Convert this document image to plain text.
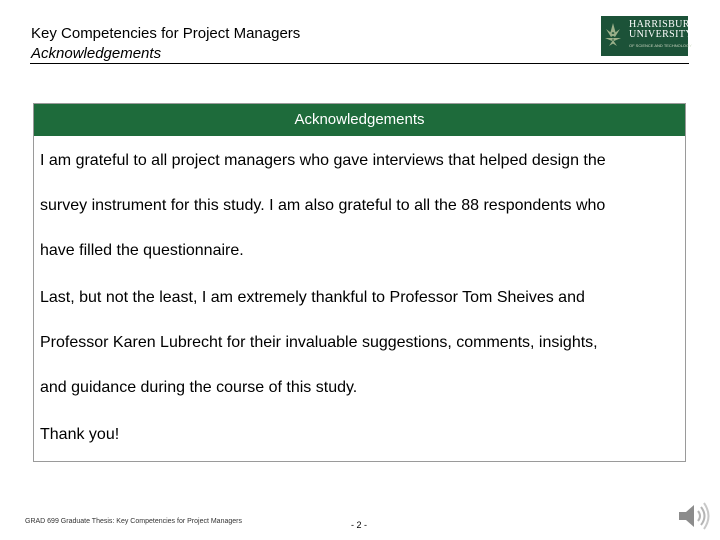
Key Competencies for Project Managers
Acknowledgements
HARRISBURG
UNIVERSITY
OF SCIENCE AND TECHNOLOGY
Acknowledgements

I am grateful to all project managers who gave interviews that helped design the
survey instrument for this study. I am also grateful to all the 88 respondents who
have filled the questionnaire.

Last, but not the least, I am extremely thankful to Professor Tom Sheives and
Professor Karen Lubrecht for their invaluable suggestions, comments, insights,
and guidance during the course of this study.

Thank you!

GRAD 699 Graduate Thesis: Key Competencies for Project Managers	- 2 -
